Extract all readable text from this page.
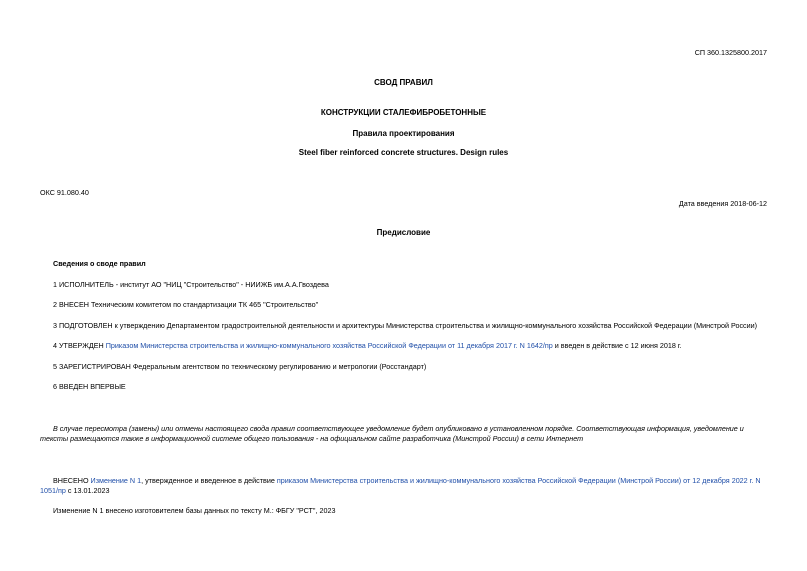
СП 360.1325800.2017
СВОД ПРАВИЛ
КОНСТРУКЦИИ СТАЛЕФИБРОБЕТОННЫЕ
Правила проектирования
Steel fiber reinforced concrete structures. Design rules
ОКС 91.080.40
Дата введения 2018-06-12
Предисловие
Сведения о своде правил
1 ИСПОЛНИТЕЛЬ - институт АО "НИЦ "Строительство" - НИИЖБ им.А.А.Гвоздева
2 ВНЕСЕН Техническим комитетом по стандартизации ТК 465 "Строительство"
3 ПОДГОТОВЛЕН к утверждению Департаментом градостроительной деятельности и архитектуры Министерства строительства и жилищно-коммунального хозяйства Российской Федерации (Минстрой России)
4 УТВЕРЖДЕН Приказом Министерства строительства и жилищно-коммунального хозяйства Российской Федерации от 11 декабря 2017 г. N 1642/пр и введен в действие с 12 июня 2018 г.
5 ЗАРЕГИСТРИРОВАН Федеральным агентством по техническому регулированию и метрологии (Росстандарт)
6 ВВЕДЕН ВПЕРВЫЕ
В случае пересмотра (замены) или отмены настоящего свода правил соответствующее уведомление будет опубликовано в установленном порядке. Соответствующая информация, уведомление и тексты размещаются также в информационной системе общего пользования - на официальном сайте разработчика (Минстрой России) в сети Интернет
ВНЕСЕНО Изменение N 1, утвержденное и введенное в действие приказом Министерства строительства и жилищно-коммунального хозяйства Российской Федерации (Минстрой России) от 12 декабря 2022 г. N 1051/пр с 13.01.2023
Изменение N 1 внесено изготовителем базы данных по тексту М.: ФБГУ "РСТ", 2023
